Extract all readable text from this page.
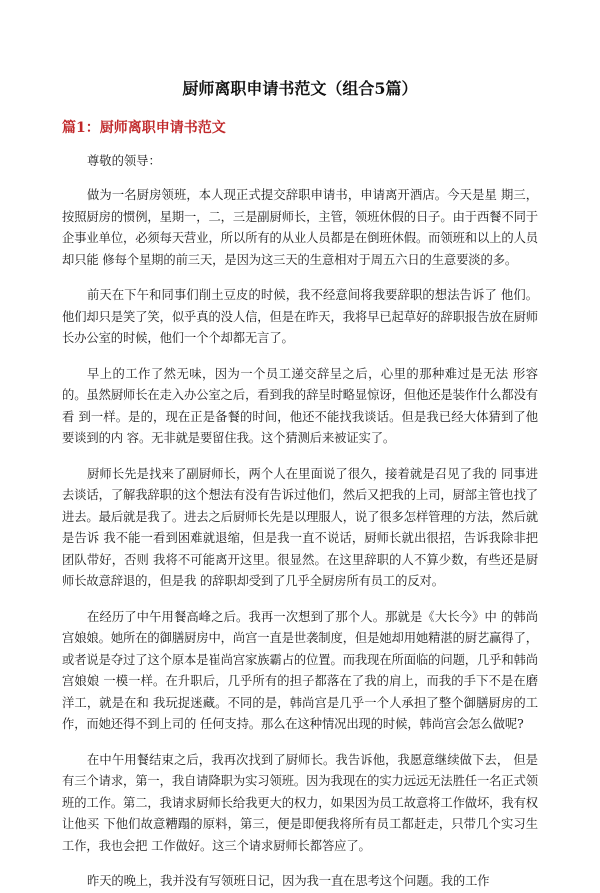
厨师离职申请书范文（组合5篇）
篇1：厨师离职申请书范文

尊敬的领导：

做为一名厨房领班，本人现正式提交辞职申请书，申请离开酒店。今天是星 期三，按照厨房的惯例，星期一，二，三是副厨师长，主管，领班休假的日子。由于西餐不同于 企事业单位，必须每天营业，所以所有的从业人员都是在倒班休假。而领班和以上的人员却只能 修每个星期的前三天，是因为这三天的生意相对于周五六日的生意要淡的多。

前天在下午和同事们削土豆皮的时候，我不经意间将我要辞职的想法告诉了 他们。他们却只是笑了笑，似乎真的没人信，但是在昨天，我将早已起草好的辞职报告放在厨师 长办公室的时候，他们一个个却都无言了。

早上的工作了然无味，因为一个员工递交辞呈之后，心里的那种难过是无法 形容的。虽然厨师长在走入办公室之后，看到我的辞呈时略显惊讶，但他还是装作什么都没有看 到一样。是的，现在正是备餐的时间，他还不能找我谈话。但是我已经大体猜到了他要谈到的内 容。无非就是要留住我。这个猜测后来被证实了。

厨师长先是找来了副厨师长，两个人在里面说了很久，接着就是召见了我的 同事进去谈话，了解我辞职的这个想法有没有告诉过他们，然后又把我的上司，厨部主管也找了 进去。最后就是我了。进去之后厨师长先是以理服人，说了很多怎样管理的方法，然后就是告诉 我不能一看到困难就退缩，但是我一直不说话，厨师长就出很招，告诉我除非把团队带好，否则 我将不可能离开这里。很显然。在这里辞职的人不算少数，有些还是厨师长故意辞退的，但是我 的辞职却受到了几乎全厨房所有员工的反对。

在经历了中午用餐高峰之后。我再一次想到了那个人。那就是《大长今》中 的韩尚宫娘娘。她所在的御膳厨房中，尚宫一直是世袭制度，但是她却用她精湛的厨艺赢得了， 或者说是夺过了这个原本是崔尚宫家族霸占的位置。而我现在所面临的问题，几乎和韩尚宫娘娘 一模一样。在升职后，几乎所有的担子都落在了我的肩上，而我的手下不是在磨洋工，就是在和 我玩捉迷藏。不同的是，韩尚宫是几乎一个人承担了整个御膳厨房的工作，而她还得不到上司的 任何支持。那么在这种情况出现的时候，韩尚宫会怎么做呢?

在中午用餐结束之后，我再次找到了厨师长。我告诉他，我愿意继续做下去， 但是有三个请求，第一，我自请降职为实习领班。因为我现在的实力远远无法胜任一名正式领 班的工作。第二，我请求厨师长给我更大的权力，如果因为员工故意将工作做坏，我有权让他买 下他们故意糟蹋的原料，第三，便是即便我将所有员工都赶走，只带几个实习生工作，我也会把 工作做好。这三个请求厨师长都答应了。

昨天的晚上，我并没有写领班日记，因为我一直在思考这个问题。我的工作
